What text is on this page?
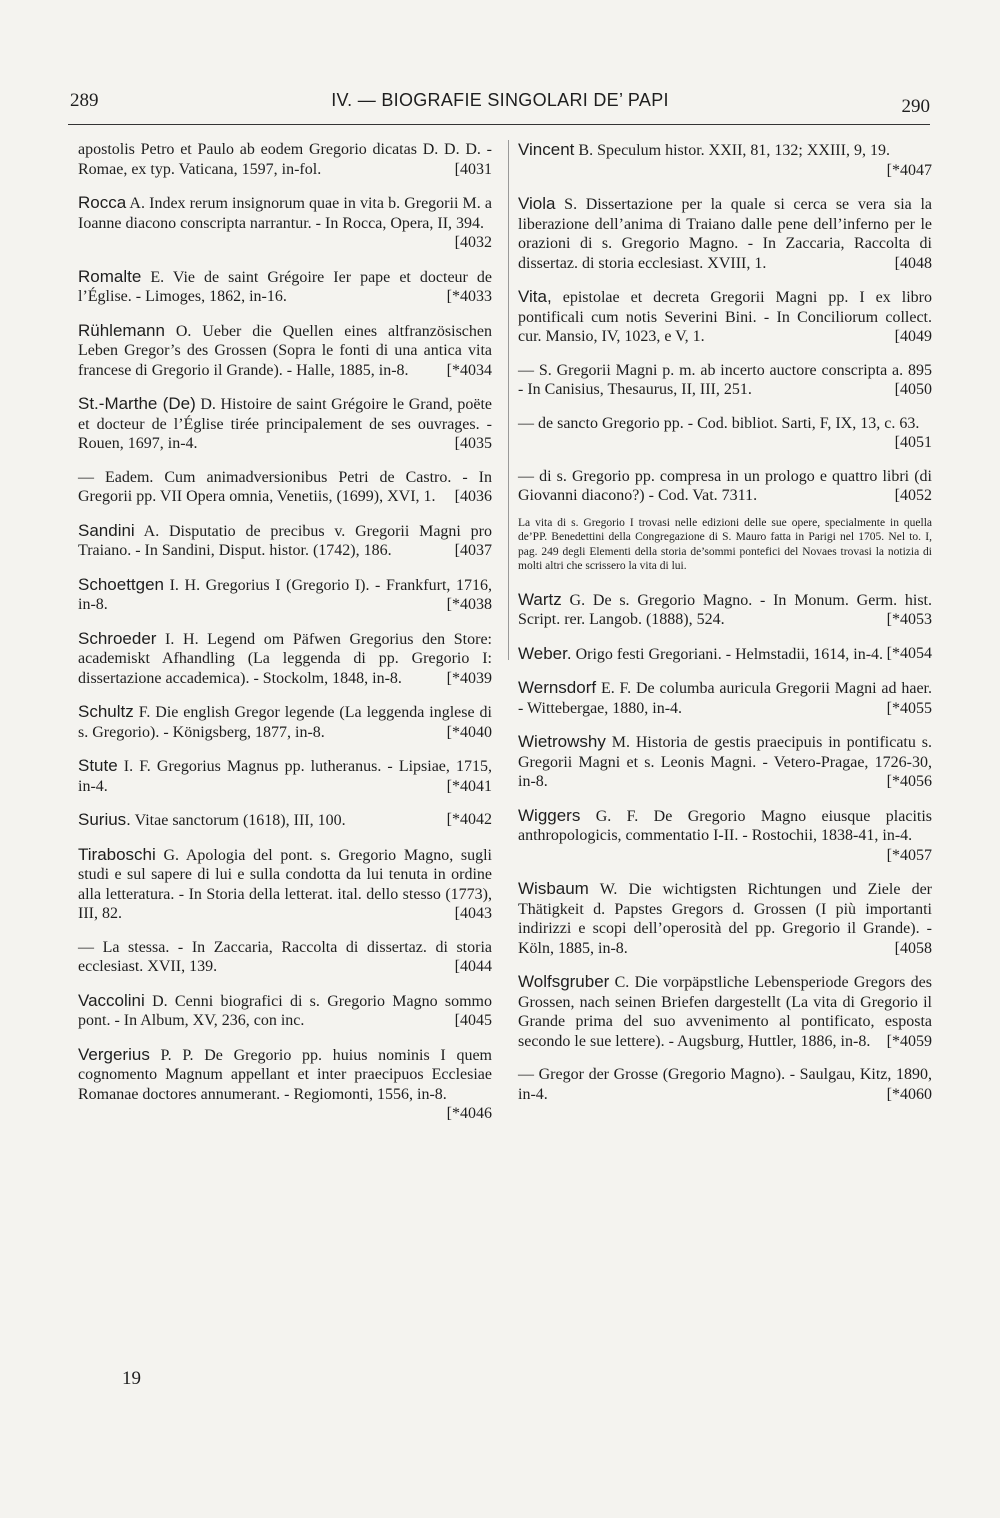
289	IV. — BIOGRAFIE SINGOLARI DE’ PAPI	290
apostolis Petro et Paulo ab eodem Gregorio dicatas D. D. D. - Romae, ex typ. Vaticana, 1597, in-fol.	[4031
Rocca A. Index rerum insignorum quae in vita b. Gregorii M. a Ioanne diacono conscripta narrantur. - In Rocca, Opera, II, 394.
[4032
Romalte E. Vie de saint Grégoire Ier pape et docteur de l’Église. - Limoges, 1862, in-16.	[*4033
Rühlemann O. Ueber die Quellen eines altfranzösischen Leben Gregor’s des Grossen (Sopra le fonti di una antica vita francese di Gregorio il Grande). - Halle, 1885, in-8. [*4034
St.-Marthe (De) D. Histoire de saint Grégoire le Grand, poëte et docteur de l’Église tirée principalement de ses ouvrages. - Rouen, 1697, in-4.	[4035
— Eadem. Cum animadversionibus Petri de Castro. - In Gregorii pp. VII Opera omnia, Venetiis, (1699), XVI, 1. [4036
Sandini A. Disputatio de precibus v. Gregorii Magni pro Traiano. - In Sandini, Disput. histor. (1742), 186.	[4037
Schoettgen I. H. Gregorius I (Gregorio I). - Frankfurt, 1716, in-8.	[*4038
Schroeder I. H. Legend om Päfwen Gregorius den Store: academiskt Afhandling (La leggenda di pp. Gregorio I: dissertazione accademica). - Stockolm, 1848, in-8.	[*4039
Schultz F. Die english Gregor legende (La leggenda inglese di s. Gregorio). - Königsberg, 1877, in-8.	[*4040
Stute I. F. Gregorius Magnus pp. lutheranus. - Lipsiae, 1715, in-4.	[*4041
Surius. Vitae sanctorum (1618), III, 100.	[*4042
Tiraboschi G. Apologia del pont. s. Gregorio Magno, sugli studi e sul sapere di lui e sulla condotta da lui tenuta in ordine alla letteratura. - In Storia della letterat. ital. dello stesso (1773), III, 82.	[4043
— La stessa. - In Zaccaria, Raccolta di dissertaz. di storia ecclesiast. XVII, 139.	[4044
Vaccolini D. Cenni biografici di s. Gregorio Magno sommo pont. - In Album, XV, 236, con inc.	[4045
Vergerius P. P. De Gregorio pp. huius nominis I quem cognomento Magnum appellant et inter praecipuos Ecclesiae Romanae doctores annumerant. - Regiomonti, 1556, in-8.
[*4046
Vincent B. Speculum histor. XXII, 81, 132; XXIII, 9, 19.
[*4047
Viola S. Dissertazione per la quale si cerca se vera sia la liberazione dell’anima di Traiano dalle pene dell’inferno per le orazioni di s. Gregorio Magno. - In Zaccaria, Raccolta di dissertaz. di storia ecclesiast. XVIII, 1.	[4048
Vita, epistolae et decreta Gregorii Magni pp. I ex libro pontificali cum notis Severini Bini. - In Conciliorum collect. cur. Mansio, IV, 1023, e V, 1.	[4049
— S. Gregorii Magni p. m. ab incerto auctore conscripta a. 895 - In Canisius, Thesaurus, II, III, 251.	[4050
— de sancto Gregorio pp. - Cod. bibliot. Sarti, F, IX, 13, c. 63.
[4051
— di s. Gregorio pp. compresa in un prologo e quattro libri (di Giovanni diacono?) - Cod. Vat. 7311.	[4052
La vita di s. Gregorio I trovasi nelle edizioni delle sue opere, specialmente in quella de’PP. Benedettini della Congregazione di S. Mauro fatta in Parigi nel 1705. Nel to. I, pag. 249 degli Elementi della storia de’sommi pontefici del Novaes trovasi la notizia di molti altri che scrissero la vita di lui.
Wartz G. De s. Gregorio Magno. - In Monum. Germ. hist. Script. rer. Langob. (1888), 524.	[*4053
Weber. Origo festi Gregoriani. - Helmstadii, 1614, in-4. [*4054
Wernsdorf E. F. De columba auricula Gregorii Magni ad haer. - Wittebergae, 1880, in-4.	[*4055
Wietrowshy M. Historia de gestis praecipuis in pontificatu s. Gregorii Magni et s. Leonis Magni. - Vetero-Pragae, 1726-30, in-8.	[*4056
Wiggers G. F. De Gregorio Magno eiusque placitis anthropologicis, commentatio I-II. - Rostochii, 1838-41, in-4.
[*4057
Wisbaum W. Die wichtigsten Richtungen und Ziele der Thätigkeit d. Papstes Gregors d. Grossen (I più importanti indirizzi e scopi dell’operosità del pp. Gregorio il Grande). - Köln, 1885, in-8.	[4058
Wolfsgruber C. Die vorpäpstliche Lebensperiode Gregors des Grossen, nach seinen Briefen dargestellt (La vita di Gregorio il Grande prima del suo avvenimento al pontificato, esposta secondo le sue lettere). - Augsburg, Huttler, 1886, in-8. [*4059
— Gregor der Grosse (Gregorio Magno). - Saulgau, Kitz, 1890, in-4.	[*4060
19
